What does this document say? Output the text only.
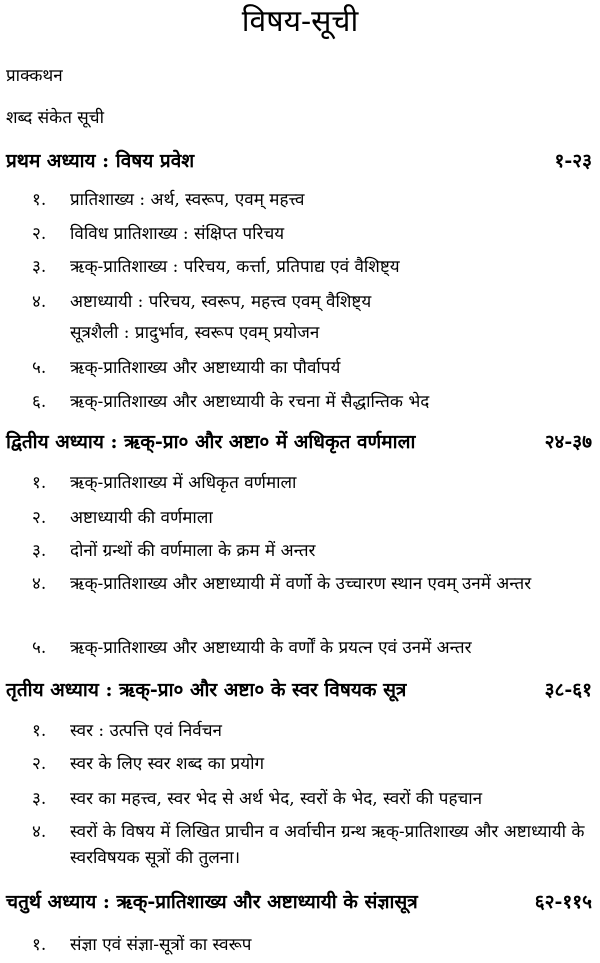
विषय-सूची
प्राक्कथन
शब्द संकेत सूची
प्रथम अध्याय : विषय प्रवेश	१-२३
१.	प्रातिशाख्य : अर्थ, स्वरूप, एवम् महत्त्व
२.	विविध प्रातिशाख्य : संक्षिप्त परिचय
३.	ऋक्-प्रातिशाख्य : परिचय, कर्त्ता, प्रतिपाद्य एवं वैशिष्ट्य
४.	अष्टाध्यायी : परिचय, स्वरूप, महत्त्व एवम् वैशिष्ट्य
सूत्रशैली : प्रादुर्भाव, स्वरूप एवम् प्रयोजन
५.	ऋक्-प्रातिशाख्य और अष्टाध्यायी का पौर्वापर्य
६.	ऋक्-प्रातिशाख्य और अष्टाध्यायी के रचना में सैद्धान्तिक भेद
द्वितीय अध्याय : ऋक्-प्रा० और अष्टा० में अधिकृत वर्णमाला	२४-३७
१.	ऋक्-प्रातिशाख्य में अधिकृत वर्णमाला
२.	अष्टाध्यायी की वर्णमाला
३.	दोनों ग्रन्थों की वर्णमाला के क्रम में अन्तर
४.	ऋक्-प्रातिशाख्य और अष्टाध्यायी में वर्णो के उच्चारण स्थान एवम् उनमें अन्तर
५.	ऋक्-प्रातिशाख्य और अष्टाध्यायी के वर्णों के प्रयत्न एवं उनमें अन्तर
तृतीय अध्याय : ऋक्-प्रा० और अष्टा० के स्वर विषयक सूत्र	३८-६१
१.	स्वर : उत्पत्ति एवं निर्वचन
२.	स्वर के लिए स्वर शब्द का प्रयोग
३.	स्वर का महत्त्व, स्वर भेद से अर्थ भेद, स्वरों के भेद, स्वरों की पहचान
४.	स्वरों के विषय में लिखित प्राचीन व अर्वाचीन ग्रन्थ ऋक्-प्रातिशाख्य और अष्टाध्यायी के स्वरविषयक सूत्रों की तुलना।
चतुर्थ अध्याय : ऋक्-प्रातिशाख्य और अष्टाध्यायी के संज्ञासूत्र	६२-११५
१.	संज्ञा एवं संज्ञा-सूत्रों का स्वरूप
